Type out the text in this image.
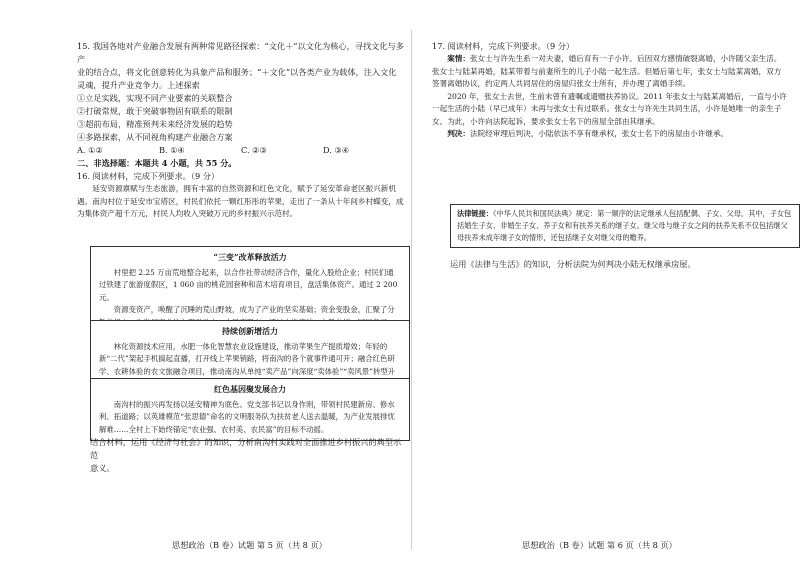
15. 我国各地对产业融合发展有两种常见路径探索：“文化＋”以文化为核心，寻找文化与多产
业的结合点，将文化创意转化为具象产品和服务；“＋文化”以各类产业为载体，注入文化
灵魂，提升产业竞争力。上述探索
①立足实践，实现不同产业要素的关联整合
②打破常规，敢于突破事物固有联系的限制
③超前布局，精准预判未来经济发展的趋势
④多路探索，从不同视角构建产业融合方案
A. ①②	B. ①④	C. ②③	D. ③④
二、非选择题：本题共 4 小题，共 55 分。
16. 阅读材料，完成下列要求。（9 分）
延安资源禀赋与生态旅游，拥有丰富的自然资源和红色文化，赋予了延安革命老区振兴新机遇。南沟村位于延安市宝塔区，村民们依托一颗红彤彤的苹果，走出了一条从十年间乡村蝶变，成为集体资产超千万元，村民人均收入突破万元的乡村振兴示范村。
“三变”改革释放活力

村里把 2.25 万亩荒地整合起来，以合作社带动经济合作，量化入股给企业；村民们通过铁建了旅游度假区，1 060 亩的桃花园套种和苗木培育项目，盘活集体资产。通过 2 200 元。

资源变资产，唤醒了沉睡的荒山野坡，成为了产业的坚实基础；资金变股金，汇聚了分

持续创新增活力

林化资源技术应用，水肥一体化智慧农业设施建设，推动苹果生产提质增效；年轻的新“二代”架起手机搞起直播，打开线上苹果销路，将南沟的各个就事件通可开；融合红色研学、农耕体验的农文旅融合项目，推动南沟从单纯“卖产品”向深度“卖体验”“卖风景”转型升

红色基因聚发展合力

南沟村的振兴再发扬以延安精神为底色。党支部书记以身作则，带领村民建新房、修水利、拓道路；以英雄模范“张思德”命名的文明服务队为扶贫老人送去温暖，为产业发展排忧解难……全村上下始终锚定“农业强、农村美、农民富”的目标不动摇。

结合材料，运用《经济与社会》的知识，分析南沟村实践对全面推进乡村振兴的典型示范
意义。
思想政治（B 卷）试题 第 5 页（共 8 页）
17. 阅读材料，完成下列要求。（9 分）
案情：张女士与许先生系一对夫妻，婚后育有一子小许。后因双方感情破裂离婚，小许随父亲生活。张女士与陆某再婚，陆某带着与前妻所生的儿子小陆一起生活。但婚后第七年，张女士与陆某离婚，双方签署离婚协议，约定两人共同居住的房屋归张女士所有，并办理了离婚手续。
2020 年，张女士去世，生前未曾有遗嘱或遗赠扶养协议。2011 年张女士与陆某离婚后，一直与小许一起生活的小陆（早已成年）未再与张女士有过联系。张女士与许先生共同生活，小许是她唯一的亲生子女。为此，小许向法院起诉，要求张女士名下的房屋全部由其继承。
判决：法院经审理后判决，小陆依法不享有继承权，张女士名下的房屋由小许继承。
法律链接：《中华人民共和国民法典》规定：第一顺序的法定继承人包括配偶、子女、父母。其中，子女包括婚生子女、非婚生子女、养子女和有扶养关系的继子女。继父母与继子女之间的扶养关系不仅包括继父母扶养未成年继子女的情形，还包括继子女对继父母的赡养。
运用《法律与生活》的知识，分析法院为何判决小陆无权继承房屋。
思想政治（B 卷）试题 第 6 页（共 8 页）
